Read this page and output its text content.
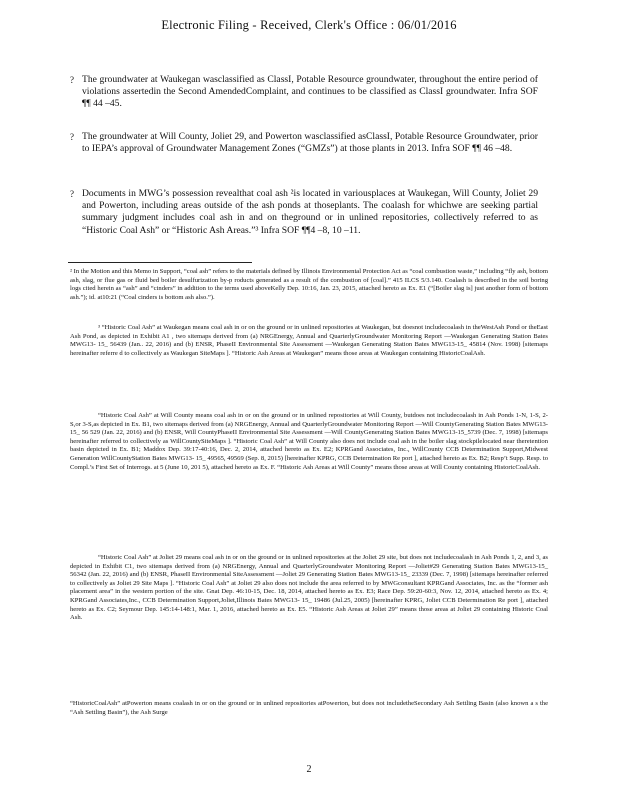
Electronic Filing - Received, Clerk's Office : 06/01/2016
? The groundwater at Waukegan wasclassified as ClassI, Potable Resource groundwater, throughout the entire period of violations assertedin the Second AmendedComplaint, and continues to be classified as ClassI groundwater. Infra SOF ¶¶ 44 –45.

? The groundwater at Will County, Joliet 29, and Powerton wasclassified asClassI, Potable Resource Groundwater, prior to IEPA’s approval of Groundwater Management Zones (“GMZs”) at those plants in 2013. Infra SOF ¶¶ 46 –48.

? Documents in MWG’s possession revealthat coal ash ²is located in variousplaces at Waukegan, Will County, Joliet 29 and Powerton, including areas outside of the ash ponds at thoseplants. The coalash for whichwe are seeking partial summary judgment includes coal ash in and on theground or in unlined repositories, collectively referred to as “Historic Coal Ash” or “Historic Ash Areas.”³ Infra SOF ¶¶4 –8, 10 –11.

² In the Motion and this Memo in Support, “coal ash” refers to the materials defined by Illinois Environmental Protection Act as “coal combustion waste,” including “fly ash, bottom ash, slag, or flue gas or fluid bed boiler desulfurization by-p roducts generated as a result of the combustion of [coal].” 415 ILCS 5/3.140. Coalash is described in the soil boring logs cited herein as “ash” and “cinders” in addition to the terms used aboveKelly Dep. 10:16, Jan. 23, 2015, attached hereto as Ex. E1 (“[Boiler slag is] just another form of bottom ash.”); id. at10:21 (“Coal cinders is bottom ash also.”).

³ “Historic Coal Ash” at Waukegan means coal ash in or on the ground or in unlined repositories at Waukegan, but doesnot includecoalash in theWestAsh Pond or theEast Ash Pond, as depicted in Exhibit A1 , two sitemaps derived from (a) NRGEnergy, Annual and QuarterlyGroundwater Monitoring Report —Waukegan Generating Station Bates MWG13- 15_ 56439 (Jan.. 22, 2016) and (b) ENSR, PhaseII Environmental Site Assessment —Waukegan Generating Station Bates MWG13-15_ 45814 (Nov. 1998) [sitemaps hereinafter referre d to collectively as Waukegan SiteMaps ]. “Historic Ash Areas at Waukegan” means those areas at Waukegan containing HistoricCoalAsh.

“Historic Coal Ash” at Will County means coal ash in or on the ground or in unlined repositories at Will County, butdoes not includecoalash in Ash Ponds 1-N, 1-S, 2-S,or 3-S,as depicted in Ex. B1, two sitemaps derived from (a) NRGEnergy, Annual and QuarterlyGroundwater Monitoring Report —Will CountyGenerating Station Bates MWG13- 15_ 56 529 (Jan. 22, 2016) and (b) ENSR, Will CountyPhaseII Environmental Site Assessment —Will CountyGenerating Station Bates MWG13-15_5739 (Dec. 7, 1998) [sitemaps hereinafter referred to collectively as WillCountySiteMaps ]. “Historic Coal Ash” at Will County also does not include coal ash in the boiler slag stockpilelocated near theretention basin depicted in Ex. B1; Maddox Dep. 39:17-40:16, Dec. 2, 2014, attached hereto as Ex. E2; KPRGand Associates, Inc., WillCounty CCB Determination Support,Midwest Generation WillCountyStation Bates MWG13- 15_ 49565, 49569 (Sep. 8, 2015) [hereinafter KPRG, CCB Determination Re port ], attached hereto as Ex. B2; Resp’t Supp. Resp. to Compl.’s First Set of Interrogs. at 5 (June 10, 201 5), attached hereto as Ex. F. “Historic Ash Areas at Will County” means those areas at Will County containing HistoricCoalAsh.

“Historic Coal Ash” at Joliet 29 means coal ash in or on the ground or in unlined repositories at the Joliet 29 site, but does not includecoalash in Ash Ponds 1, 2, and 3, as depicted in Exhibit C1, two sitemaps derived from (a) NRGEnergy, Annual and QuarterlyGroundwater Monitoring Report —Joliet#29 Generating Station Bates MWG13-15_ 56342 (Jan. 22, 2016) and (b) ENSR, PhaseII Environmental SiteAssessment —Joliet 29 Generating Station Bates MWG13-15_ 23339 (Dec. 7, 1998) [sitemaps hereinafter referred to collectively as Joliet 29 Site Maps ]. “Historic Coal Ash” at Joliet 29 also does not include the area referred to by MWGconsultant KPRGand Associates, Inc. as the “former ash placement area” in the western portion of the site. Gnat Dep. 46:10-15, Dec. 18, 2014, attached hereto as Ex. E3; Race Dep. 59:20-60:3, Nov. 12, 2014, attached hereto as Ex. 4; KPRGand Associates,Inc., CCB Determination Support,Joliet,Illinois Bates MWG13- 15_ 19486 (Jul.25, 2005) [hereinafter KPRG, Joliet CCB Determination Re port ], attached hereto as Ex. C2; Seymour Dep. 145:14-148:1, Mar. 1, 2016, attached hereto as Ex. E5. “Historic Ash Areas at Joliet 29” means those areas at Joliet 29 containing Historic Coal Ash.

“HistoricCoalAsh” atPowerton means coalash in or on the ground or in unlined repositories atPowerton, but does not includetheSecondary Ash Settling Basin (also known a s the “Ash Settling Basin”), the Ash Surge

2
